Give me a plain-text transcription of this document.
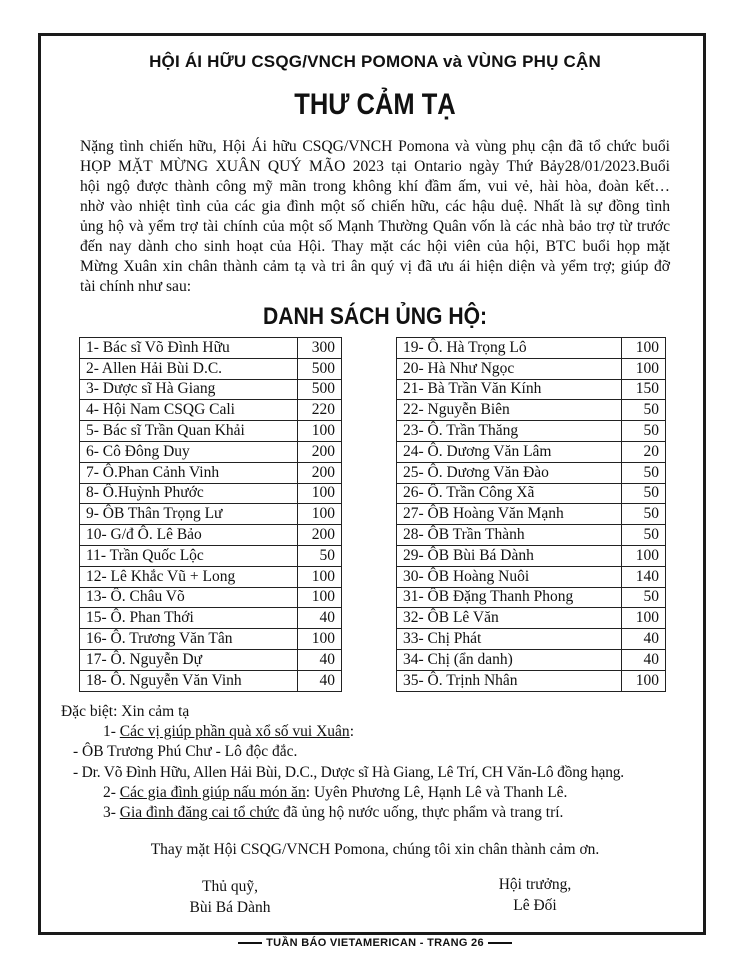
HỘI ÁI HỮU CSQG/VNCH POMONA và VÙNG PHỤ CẬN
THƯ CẢM TẠ
Nặng tình chiến hữu, Hội Ái hữu CSQG/VNCH Pomona và vùng phụ cận đã tổ chức buổi
HỌP MẶT MỪNG XUÂN QUÝ MÃO 2023 tại Ontario ngày Thứ Bảy28/01/2023.Buổi
hội ngộ được thành công mỹ mãn trong không khí đầm ấm, vui vẻ, hài hòa, đoàn kết…
nhờ vào nhiệt tình của các gia đình một số chiến hữu, các hậu duệ. Nhất là sự đồng tình
ủng hộ và yểm trợ tài chính của một số Mạnh Thường Quân vốn là các nhà bảo trợ từ trước
đến nay dành cho sinh hoạt của Hội. Thay mặt các hội viên của hội, BTC buổi họp mặt
Mừng Xuân xin chân thành cảm tạ và tri ân quý vị đã ưu ái hiện diện và yểm trợ; giúp đỡ
tài chính như sau:
DANH SÁCH ỦNG HỘ:
1- Bác sĩ Võ Đình Hữu	300
2- Allen Hải Bùi D.C.	500
3- Dược sĩ Hà Giang	500
4- Hội Nam CSQG Cali	220
5- Bác sĩ Trần Quan Khải	100
6- Cô Đông Duy	200
7- Ô.Phan Cảnh Vinh	200
8- Ô.Huỳnh Phước	100
9- ÔB Thân Trọng Lư	100
10- G/đ Ô. Lê Bảo	200
11- Trần Quốc Lộc	50
12- Lê Khắc Vũ + Long	100
13- Ô. Châu Võ	100
15- Ô. Phan Thới	40
16- Ô. Trương Văn Tân	100
17- Ô. Nguyễn Dự	40
18- Ô. Nguyễn Văn Vinh	40
19- Ô. Hà Trọng Lô	100
20- Hà Như Ngọc	100
21- Bà Trần Văn Kính	150
22- Nguyễn Biên	50
23- Ô. Trần Thăng	50
24- Ô. Dương Văn Lâm	20
25- Ô. Dương Văn Đào	50
26- Ô. Trần Công Xã	50
27- ÔB Hoàng Văn Mạnh	50
28- ÔB Trần Thành	50
29- ÔB Bùi Bá Dành	100
30- ÔB Hoàng Nuôi	140
31- ÔB Đặng Thanh Phong	50
32- ÔB Lê Văn	100
33- Chị Phát	40
34- Chị (ẩn danh)	40
35- Ô. Trịnh Nhân	100
Đặc biệt: Xin cảm tạ
1- Các vị giúp phần quà xổ số vui Xuân:
- ÔB Trương Phú Chư - Lô độc đắc.
- Dr. Võ Đình Hữu, Allen Hải Bùi, D.C., Dược sĩ Hà Giang, Lê Trí, CH Văn-Lô đồng hạng.
2- Các gia đình giúp nấu món ăn: Uyên Phương Lê, Hạnh Lê và Thanh Lê.
3- Gia đình đăng cai tổ chức đã ủng hộ nước uống, thực phẩm và trang trí.
Thay mặt Hội CSQG/VNCH Pomona, chúng tôi xin chân thành cảm ơn.
Thủ quỹ,
Bùi Bá Dành
Hội trưởng,
Lê Đối
TUẦN BÁO VIETAMERICAN - TRANG 26
